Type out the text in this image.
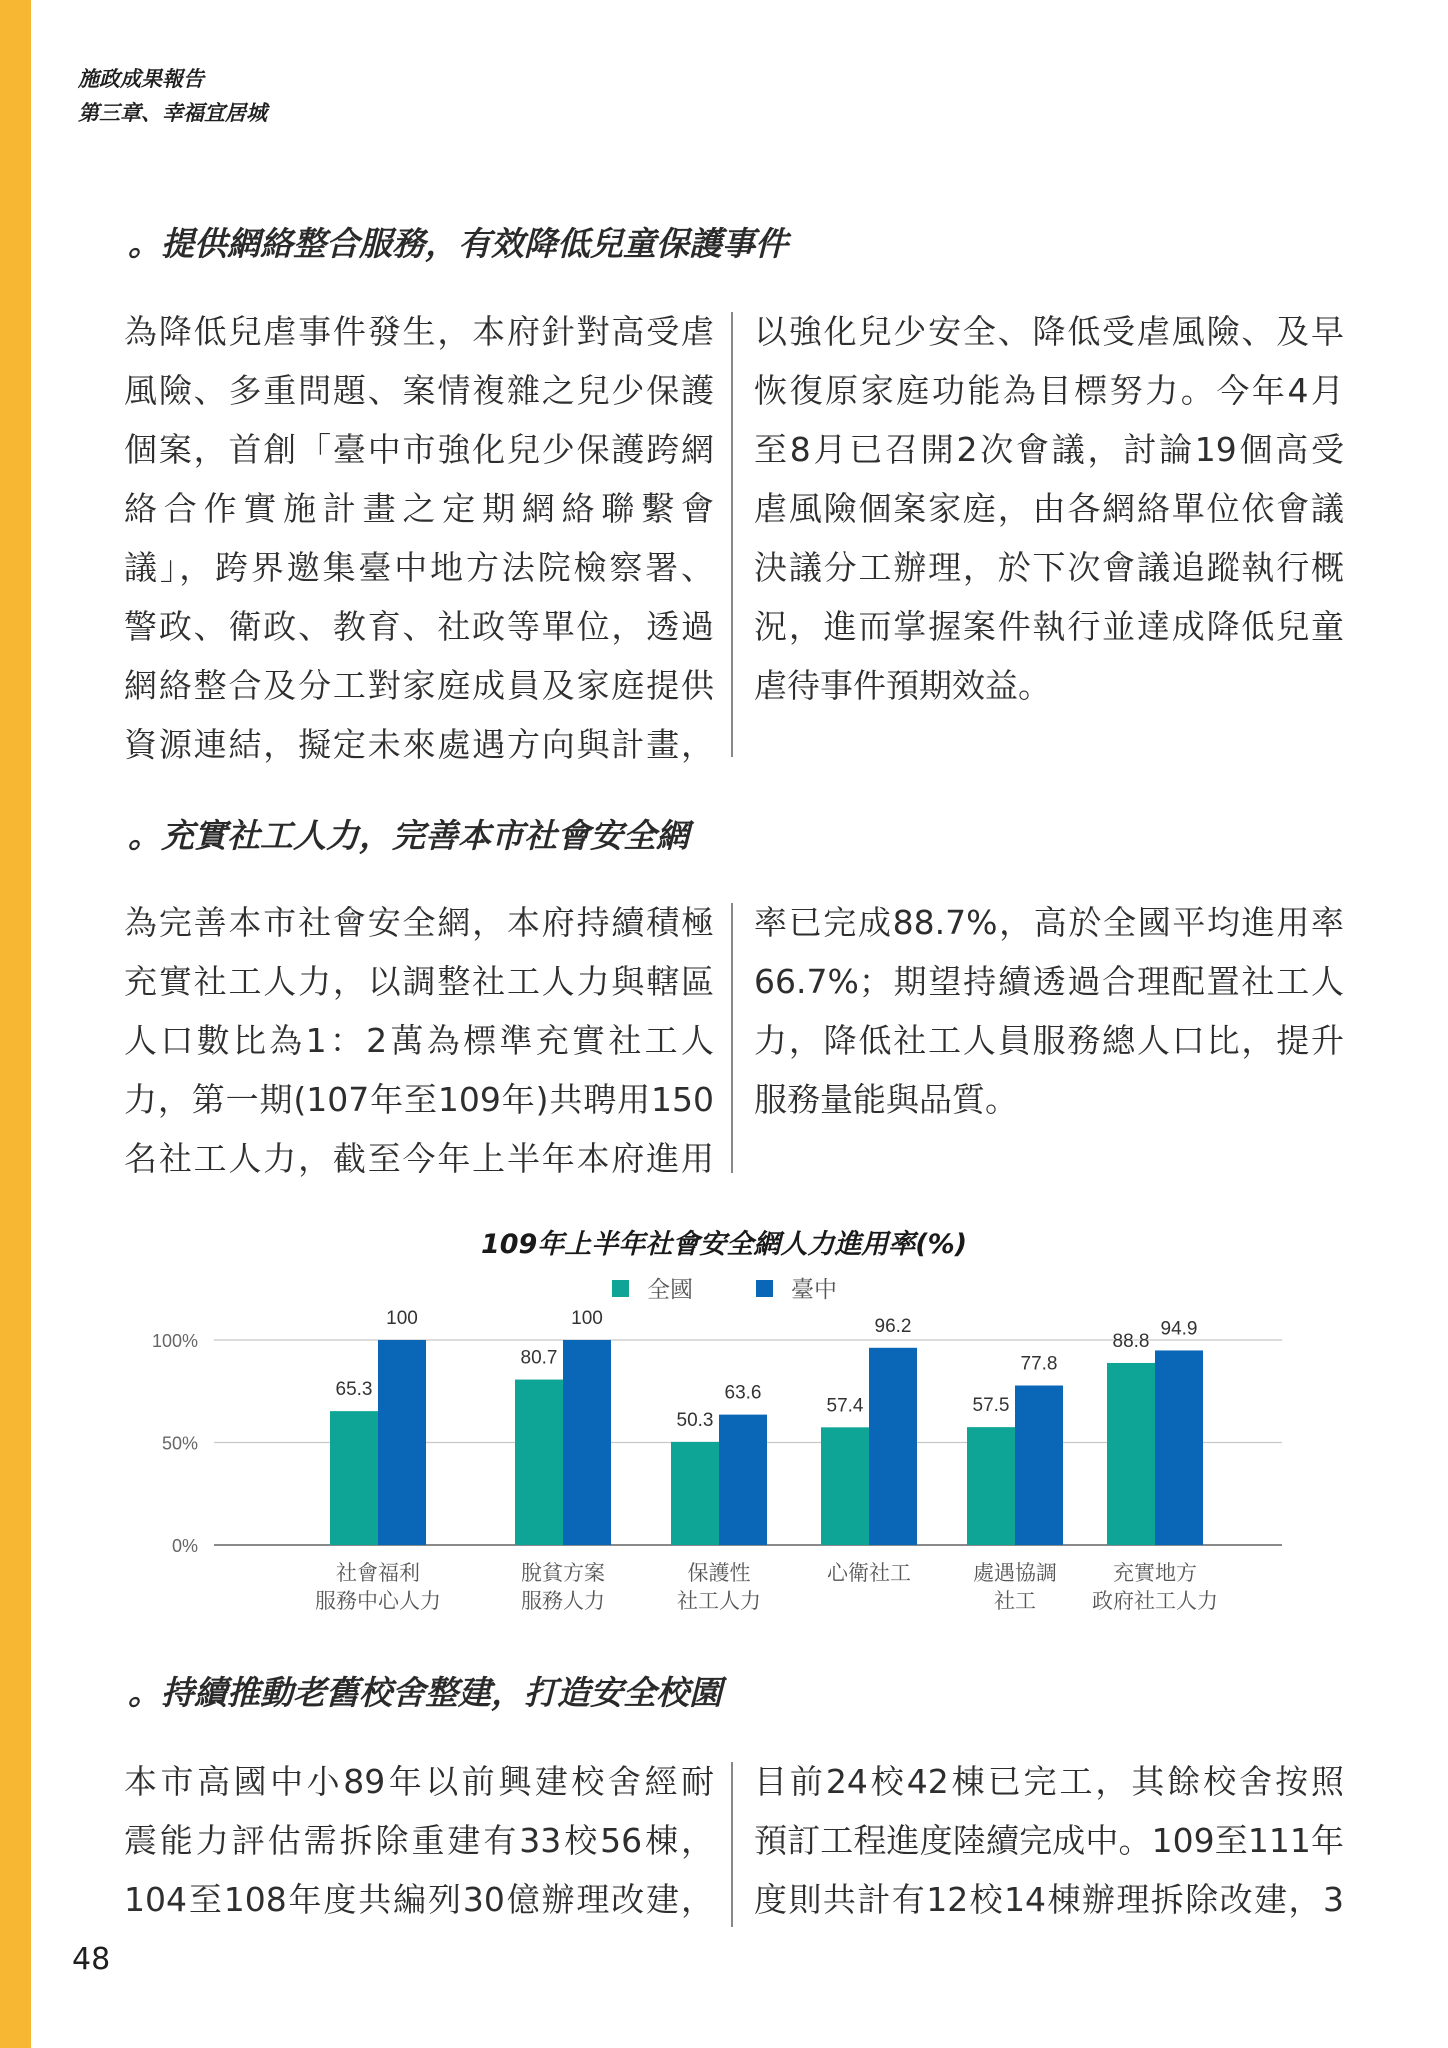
施政成果報告
第三章、幸福宜居城
。提供網絡整合服務，有效降低兒童保護事件
為降低兒虐事件發生，本府針對高受虐
風險、多重問題、案情複雜之兒少保護
個案，首創「臺中市強化兒少保護跨網
絡合作實施計畫之定期網絡聯繫會
議」，跨界邀集臺中地方法院檢察署、
警政、衛政、教育、社政等單位，透過
網絡整合及分工對家庭成員及家庭提供
資源連結，擬定未來處遇方向與計畫，
以強化兒少安全、降低受虐風險、及早
恢復原家庭功能為目標努力。今年4月
至8月已召開2次會議，討論19個高受
虐風險個案家庭，由各網絡單位依會議
決議分工辦理，於下次會議追蹤執行概
況，進而掌握案件執行並達成降低兒童
虐待事件預期效益。
。充實社工人力，完善本市社會安全網
為完善本市社會安全網，本府持續積極
充實社工人力，以調整社工人力與轄區
人口數比為1：2萬為標準充實社工人
力，第一期(107年至109年)共聘用150
名社工人力，截至今年上半年本府進用
率已完成88.7%，高於全國平均進用率
66.7%；期望持續透過合理配置社工人
力，降低社工人員服務總人口比，提升
服務量能與品質。
109年上半年社會安全網人力進用率(%)
0%
50%
100%
全國	臺中
65.3
100
社會福利
服務中心人力
80.7
100
脫貧方案
服務人力
50.3
63.6
保護性
社工人力
57.4
96.2
心衛社工
57.5
77.8
處遇協調
社工
88.8
94.9
充實地方
政府社工人力
。持續推動老舊校舍整建，打造安全校園
本市高國中小89年以前興建校舍經耐
震能力評估需拆除重建有33校56棟，
104至108年度共編列30億辦理改建，
目前24校42棟已完工，其餘校舍按照
預訂工程進度陸續完成中。109至111年
度則共計有12校14棟辦理拆除改建，3
48
